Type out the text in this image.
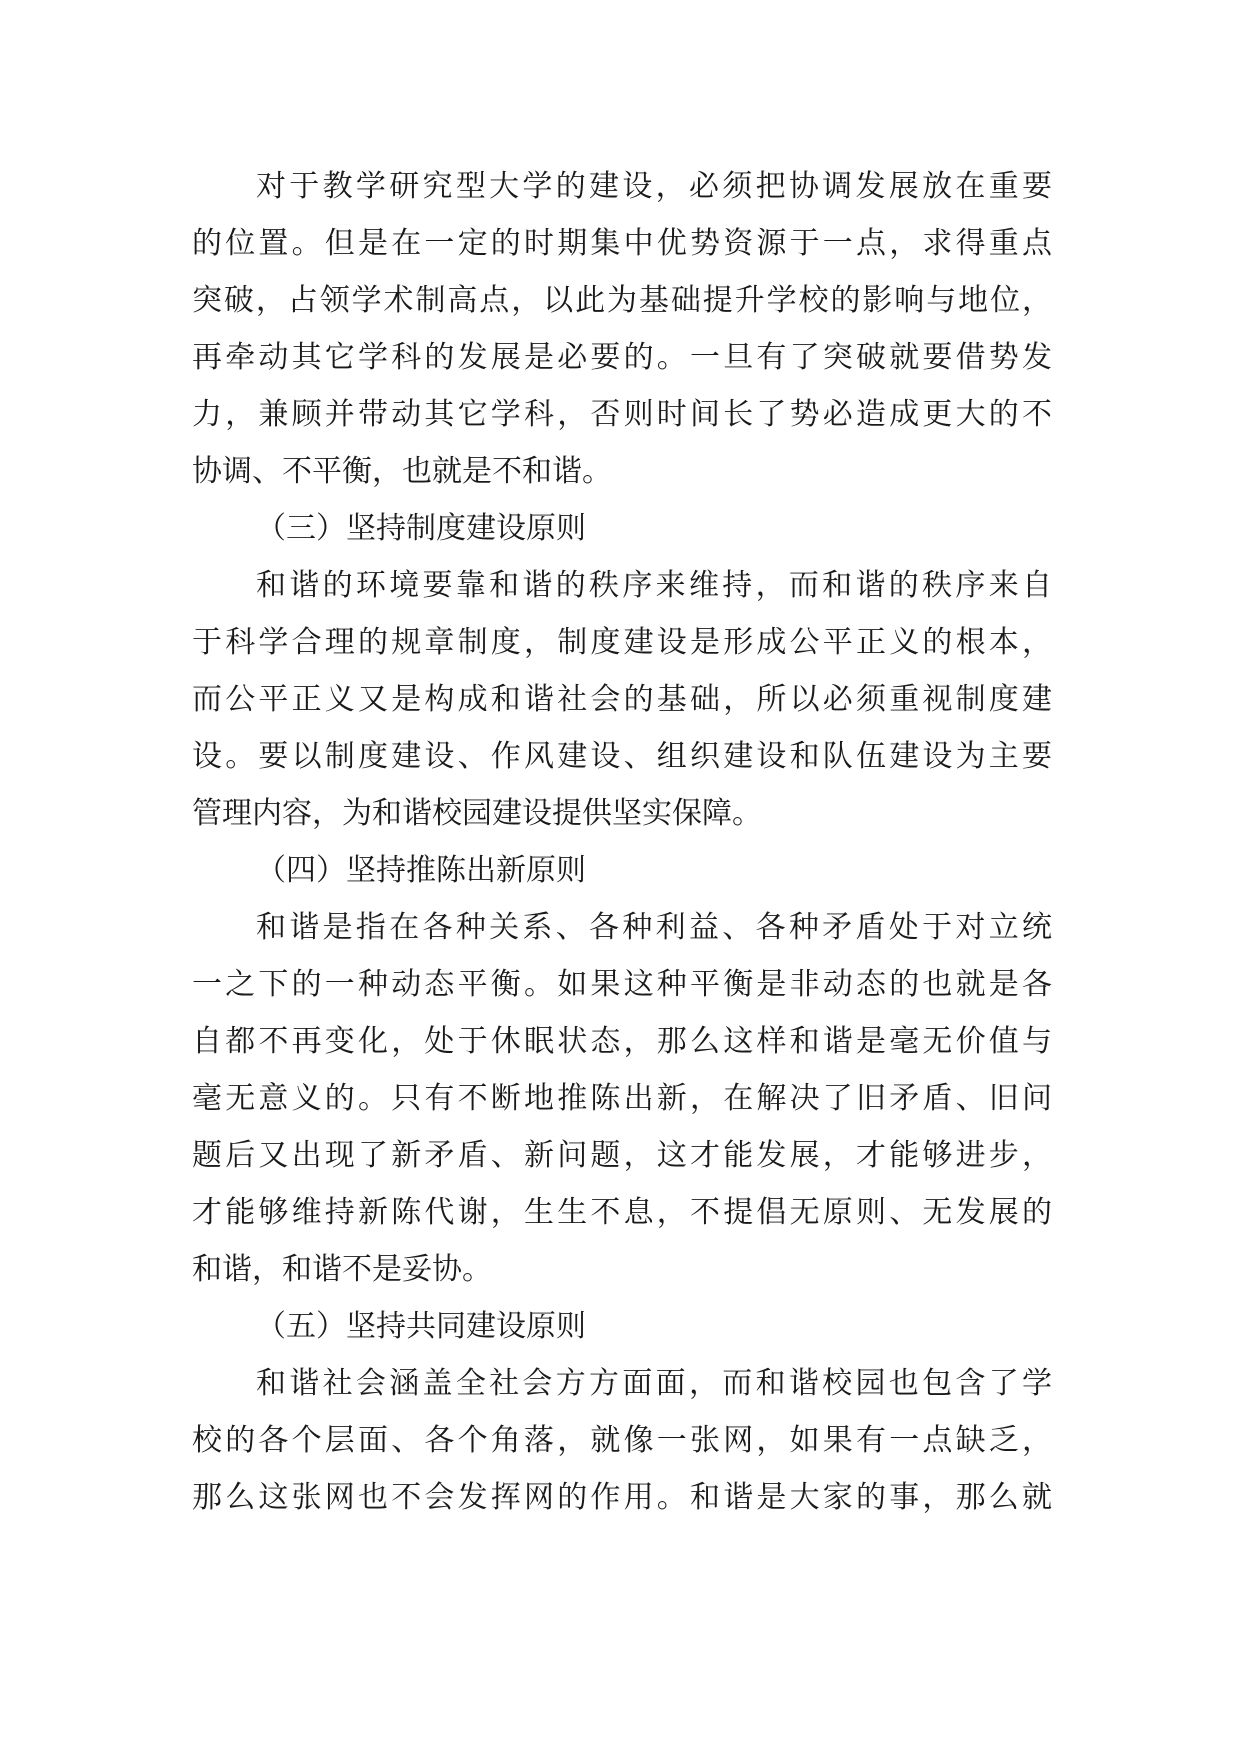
对于教学研究型大学的建设，必须把协调发展放在重要
的位置。但是在一定的时期集中优势资源于一点，求得重点
突破，占领学术制高点，以此为基础提升学校的影响与地位，
再牵动其它学科的发展是必要的。一旦有了突破就要借势发
力，兼顾并带动其它学科，否则时间长了势必造成更大的不
协调、不平衡，也就是不和谐。
（三）坚持制度建设原则
和谐的环境要靠和谐的秩序来维持，而和谐的秩序来自
于科学合理的规章制度，制度建设是形成公平正义的根本，
而公平正义又是构成和谐社会的基础，所以必须重视制度建
设。要以制度建设、作风建设、组织建设和队伍建设为主要
管理内容，为和谐校园建设提供坚实保障。
（四）坚持推陈出新原则
和谐是指在各种关系、各种利益、各种矛盾处于对立统
一之下的一种动态平衡。如果这种平衡是非动态的也就是各
自都不再变化，处于休眠状态，那么这样和谐是毫无价值与
毫无意义的。只有不断地推陈出新，在解决了旧矛盾、旧问
题后又出现了新矛盾、新问题，这才能发展，才能够进步，
才能够维持新陈代谢，生生不息，不提倡无原则、无发展的
和谐，和谐不是妥协。
（五）坚持共同建设原则
和谐社会涵盖全社会方方面面，而和谐校园也包含了学
校的各个层面、各个角落，就像一张网，如果有一点缺乏，
那么这张网也不会发挥网的作用。和谐是大家的事，那么就
